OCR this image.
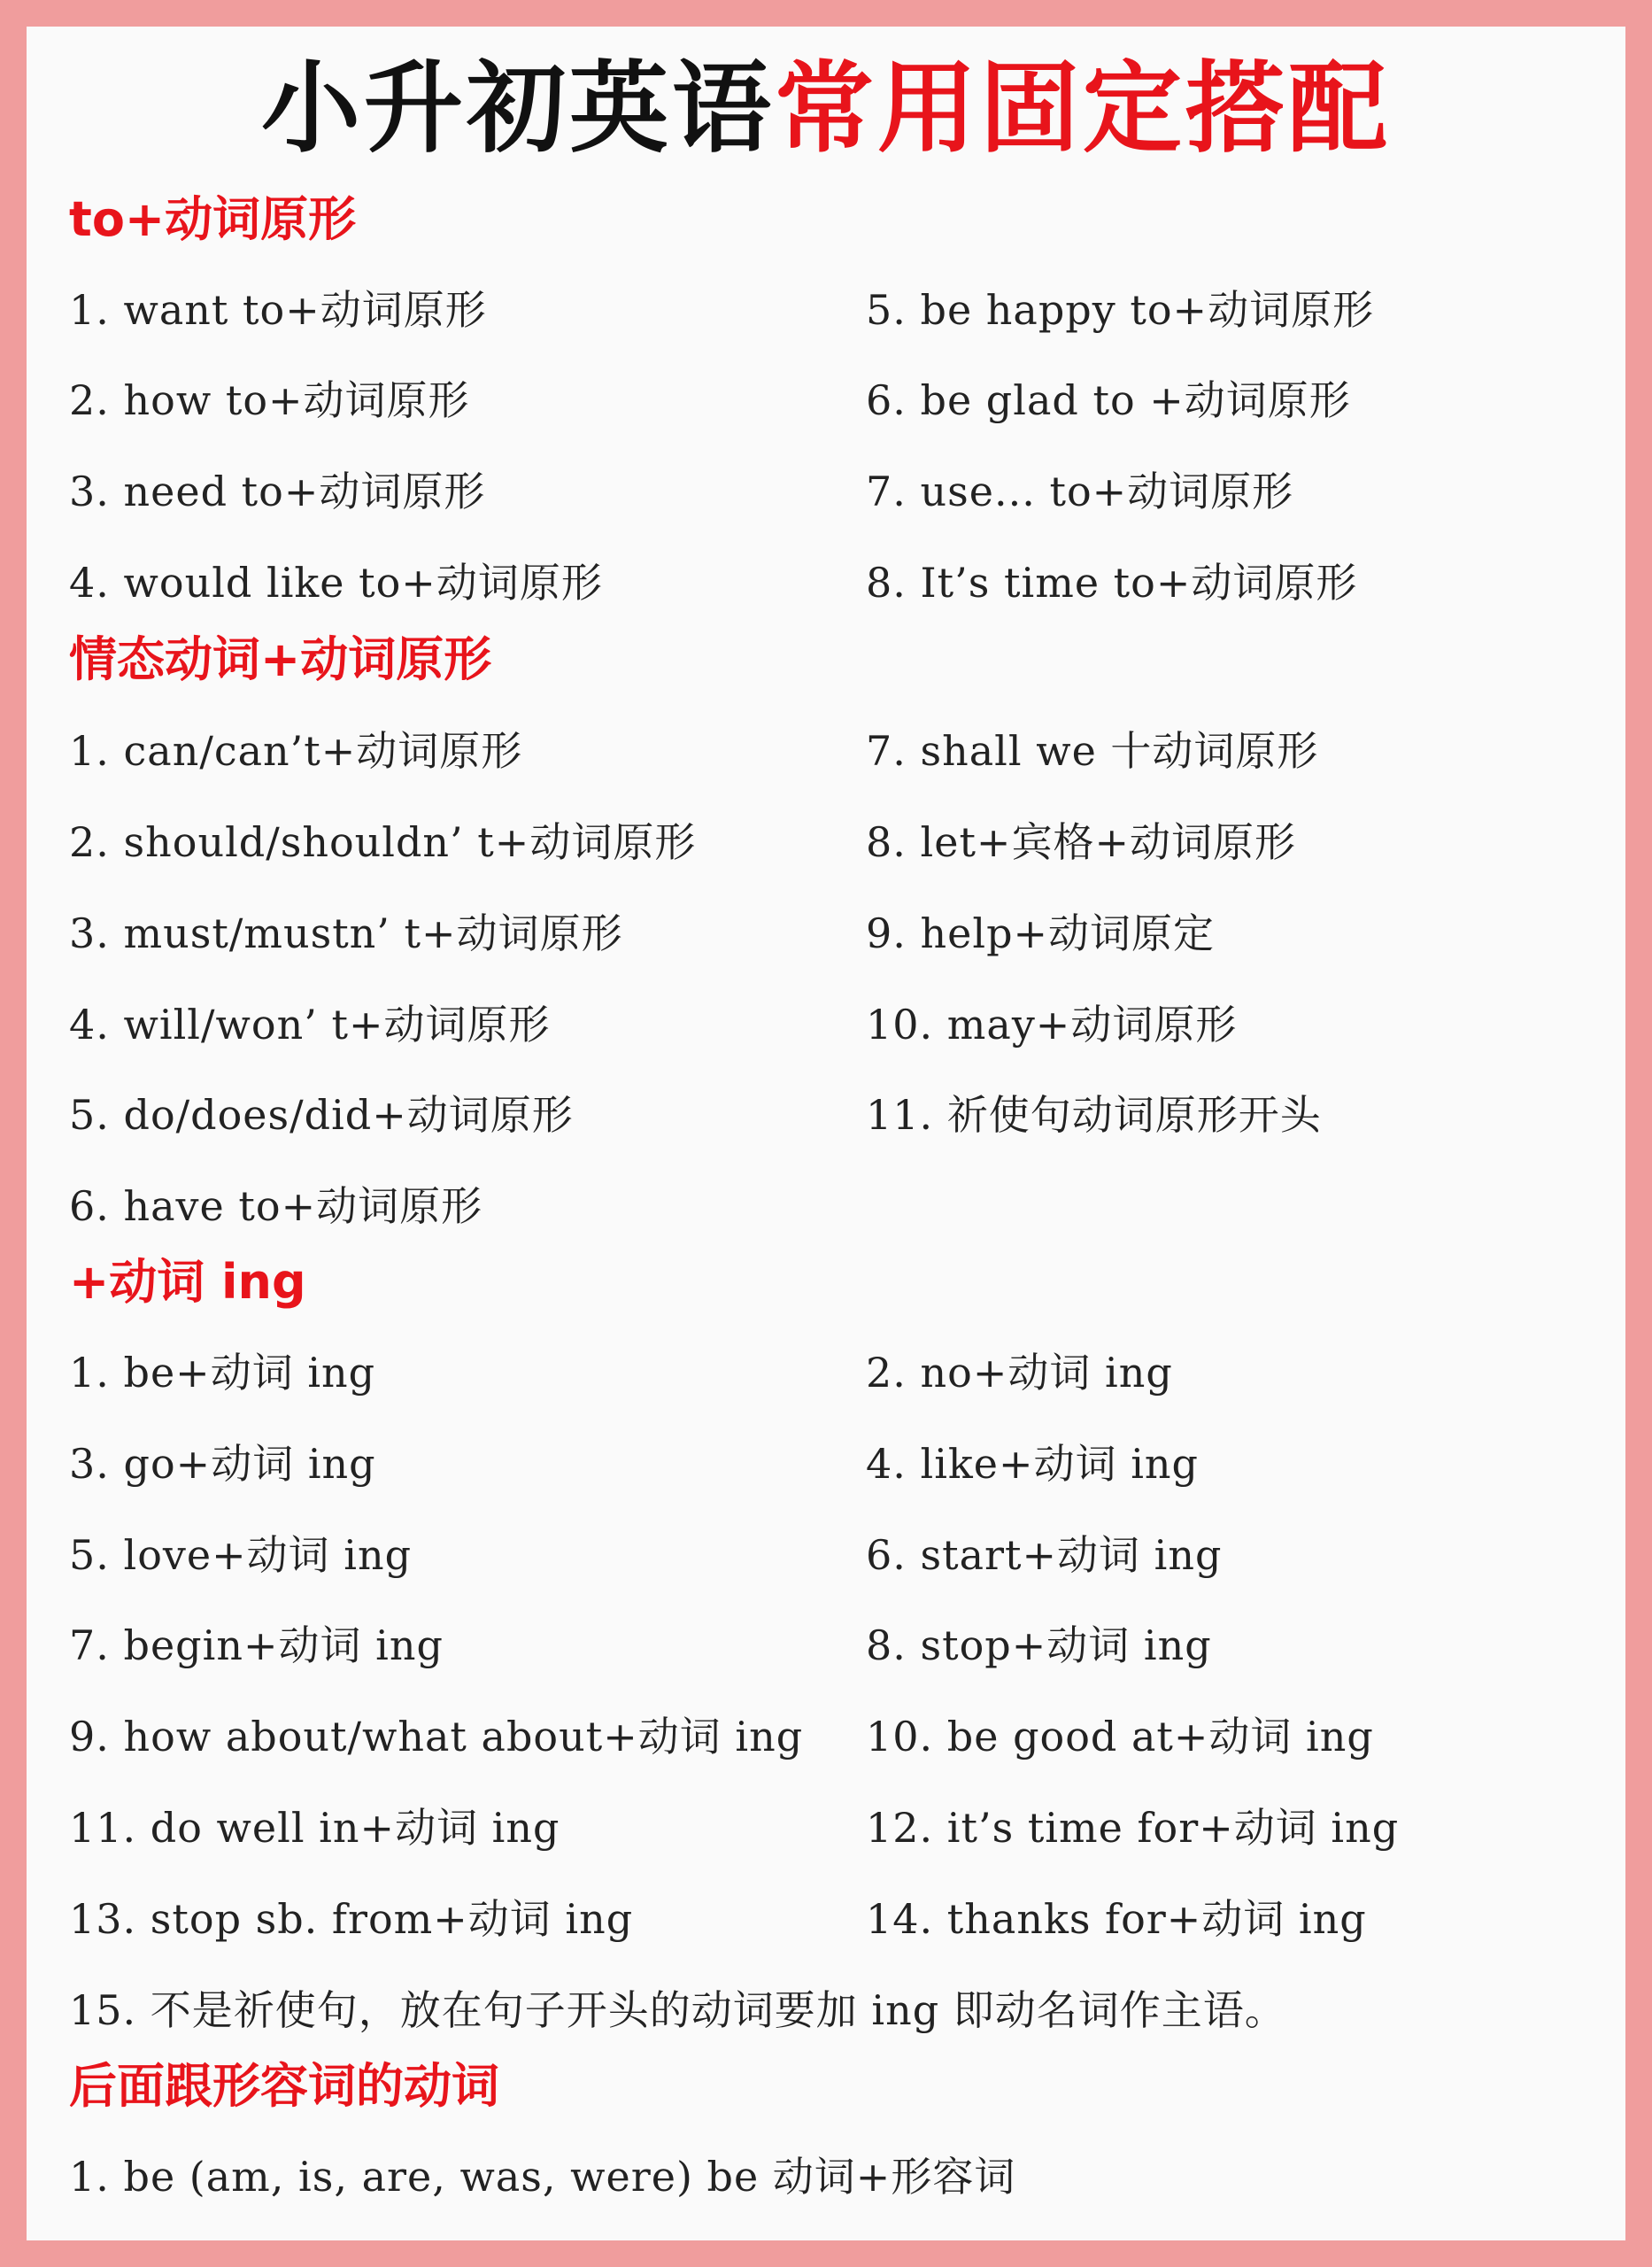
小升初英语常用固定搭配
to+动词原形
1. want to+动词原形
2. how to+动词原形
3. need to+动词原形
4. would like to+动词原形
5. be happy to+动词原形
6. be glad to +动词原形
7. use... to+动词原形
8. It’s time to+动词原形
情态动词+动词原形
1. can/can’t+动词原形
2. should/shouldn’ t+动词原形
3. must/mustn’ t+动词原形
4. will/won’ t+动词原形
5. do/does/did+动词原形
6. have to+动词原形
7. shall we 十动词原形
8. let+宾格+动词原形
9. help+动词原定
10. may+动词原形
11. 祈使句动词原形开头
+动词 ing
1. be+动词 ing
3. go+动词 ing
5. love+动词 ing
7. begin+动词 ing
9. how about/what about+动词 ing
11. do well in+动词 ing
13. stop sb. from+动词 ing
2. no+动词 ing
4. like+动词 ing
6. start+动词 ing
8. stop+动词 ing
10. be good at+动词 ing
12. it’s time for+动词 ing
14. thanks for+动词 ing
15. 不是祈使句，放在句子开头的动词要加 ing 即动名词作主语。
后面跟形容词的动词
1. be (am, is, are, was, were) be 动词+形容词
